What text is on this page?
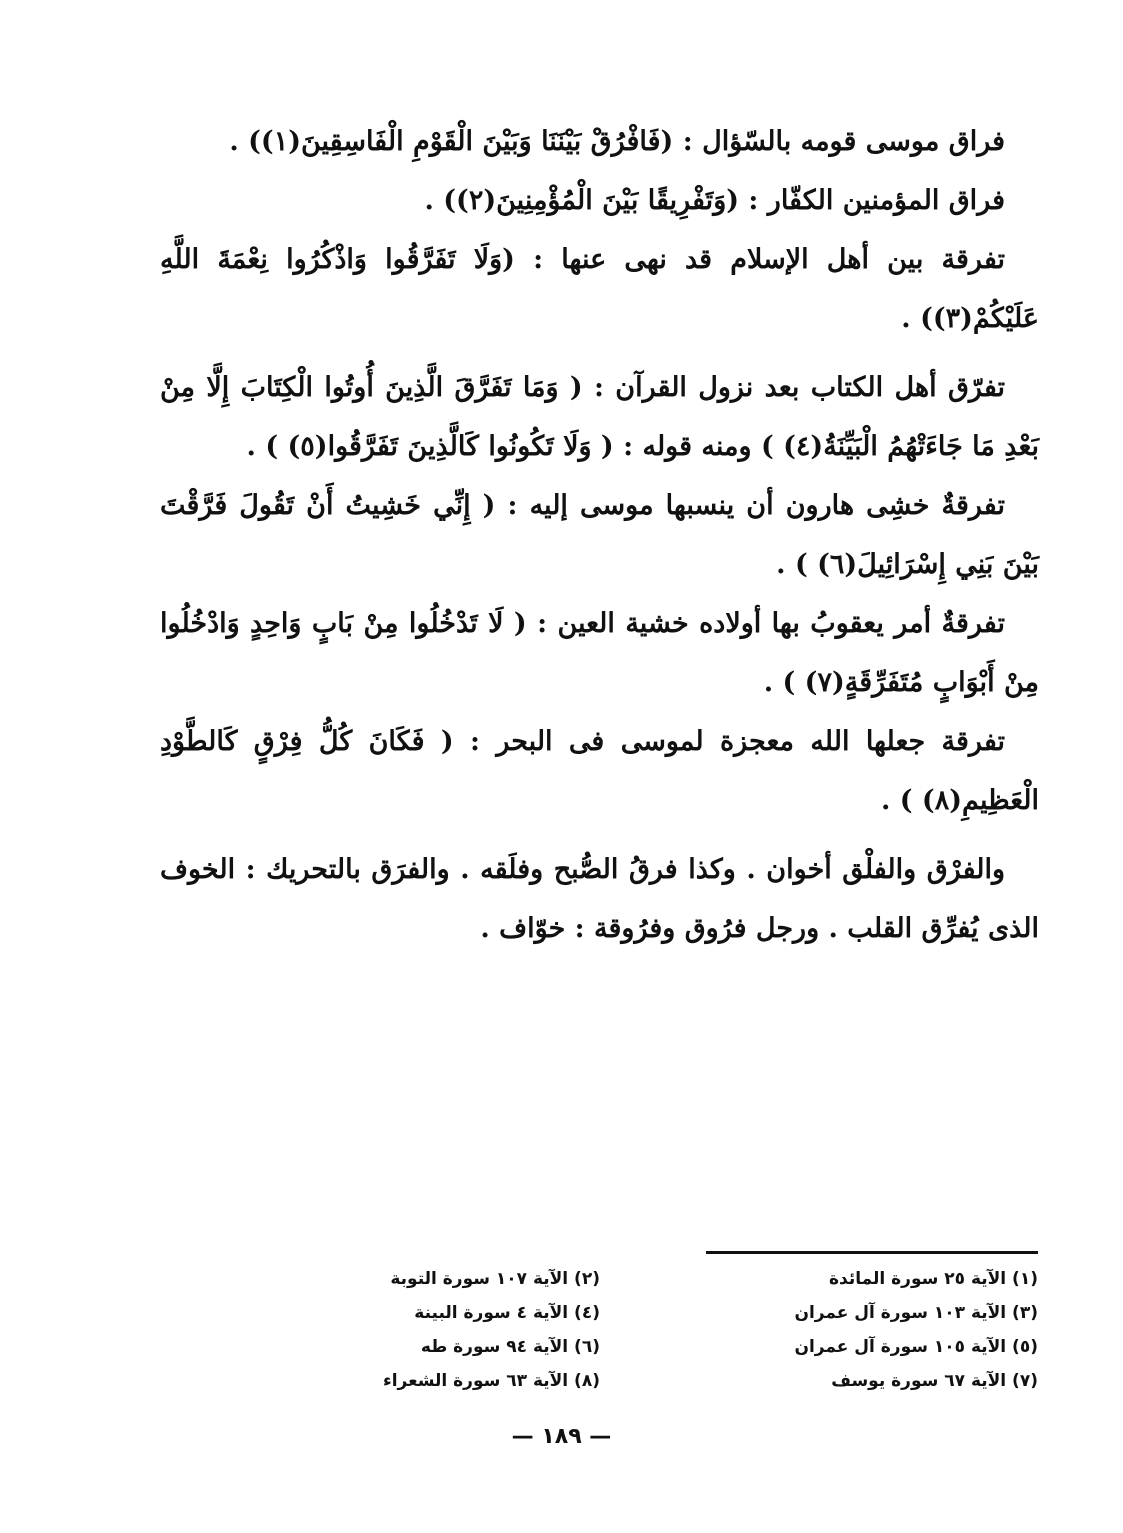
فراق موسى قومه بالسّؤال : (فَافْرُقْ بَيْنَنَا وَبَيْنَ الْقَوْمِ الْفَاسِقِينَ(١)) .

فراق المؤمنين الكفّار : (وَتَفْرِيقًا بَيْنَ الْمُؤْمِنِينَ(٢)) .

تفرقة بين أهل الإسلام قد نهى عنها : (وَلَا تَفَرَّقُوا وَاذْكُرُوا نِعْمَةَ اللَّهِ عَلَيْكُمْ(٣)) .

تفرّق أهل الكتاب بعد نزول القرآن : ( وَمَا تَفَرَّقَ الَّذِينَ أُوتُوا الْكِتَابَ إِلَّا مِنْ بَعْدِ مَا جَاءَتْهُمُ الْبَيِّنَةُ(٤) ) ومنه قوله : ( وَلَا تَكُونُوا كَالَّذِينَ تَفَرَّقُوا(٥) ) .

تفرقةٌ خشِى هارون أن ينسبها موسى إليه : ( إِنِّي خَشِيتُ أَنْ تَقُولَ فَرَّقْتَ بَيْنَ بَنِي إِسْرَائِيلَ(٦) ) .

تفرقةٌ أمر يعقوبُ بها أولاده خشية العين : ( لَا تَدْخُلُوا مِنْ بَابٍ وَاحِدٍ وَادْخُلُوا مِنْ أَبْوَابٍ مُتَفَرِّقَةٍ(٧) ) .

تفرقة جعلها الله معجزة لموسى فى البحر : ( فَكَانَ كُلُّ فِرْقٍ كَالطَّوْدِ الْعَظِيمِ(٨) ) .

والفرْق والفلْق أخوان . وكذا فرقُ الصُّبح وفلَقه . والفرَق بالتحريك : الخوف الذى يُفرِّق القلب . ورجل فرُوق وفرُوقة : خوّاف .

(١) الآية ٢٥ سورة المائدة
(٢) الآية ١٠٧ سورة التوبة
(٣) الآية ١٠٣ سورة آل عمران
(٤) الآية ٤ سورة البينة
(٥) الآية ١٠٥ سورة آل عمران
(٦) الآية ٩٤ سورة طه
(٧) الآية ٦٧ سورة يوسف
(٨) الآية ٦٣ سورة الشعراء
— ١٨٩ —
